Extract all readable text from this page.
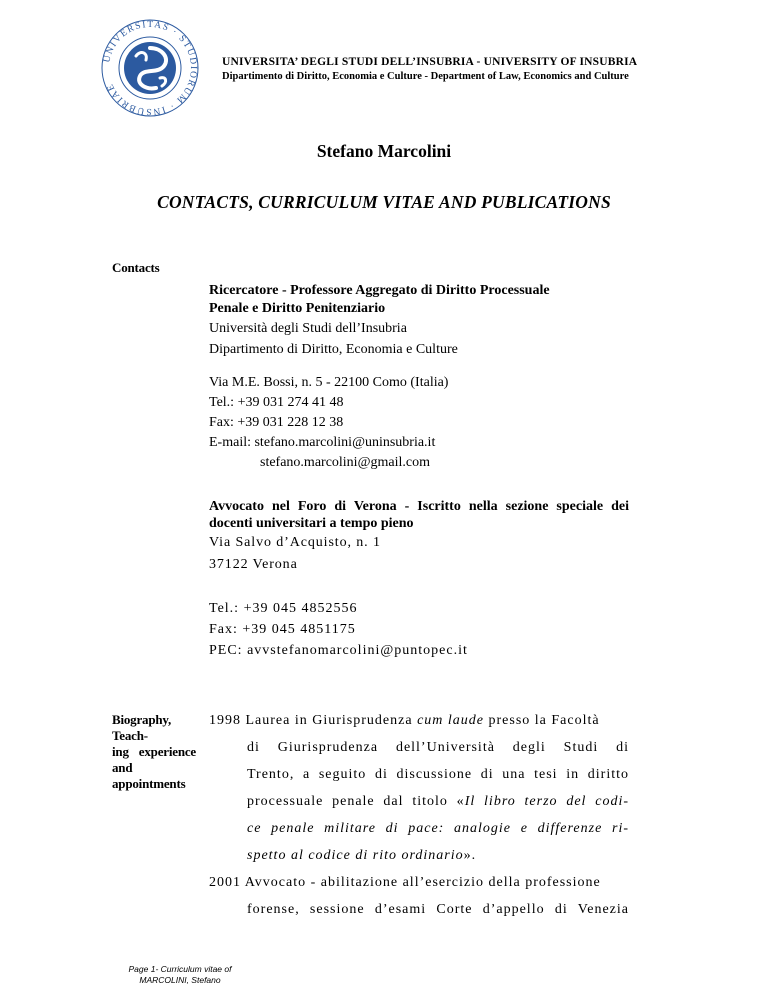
UNIVERSITAS · STUDIORUM · INSUBRIAE
UNIVERSITA’ DEGLI STUDI DELL’INSUBRIA - UNIVERSITY OF INSUBRIA
Dipartimento di Diritto, Economia e Culture - Department of Law, Economics and Culture
Stefano Marcolini
CONTACTS, CURRICULUM VITAE AND PUBLICATIONS
Contacts
Ricercatore - Professore Aggregato di Diritto Processuale
Penale e Diritto Penitenziario
Università degli Studi dell’Insubria
Dipartimento di Diritto, Economia e Culture
Via M.E. Bossi, n. 5 - 22100 Como (Italia)
Tel.: +39 031 274 41 48
Fax: +39 031 228 12 38
E-mail: stefano.marcolini@uninsubria.it
stefano.marcolini@gmail.com
Avvocato nel Foro di Verona - Iscritto nella sezione speciale dei docenti universitari a tempo pieno
Via Salvo d’Acquisto, n. 1
37122 Verona
Tel.: +39 045 4852556
Fax: +39 045 4851175
PEC: avvstefanomarcolini@puntopec.it
Biography, Teach-
ing experience and
appointments
1998 Laurea in Giurisprudenza cum laude presso la Facoltà
di Giurisprudenza dell’Università degli Studi di
Trento, a seguito di discussione di una tesi in diritto
processuale penale dal titolo «Il libro terzo del codi-
ce penale militare di pace: analogie e differenze ri-
spetto al codice di rito ordinario».
2001 Avvocato - abilitazione all’esercizio della professione
forense, sessione d’esami Corte d’appello di Venezia
Page 1- Curriculum vitae of
MARCOLINI, Stefano
